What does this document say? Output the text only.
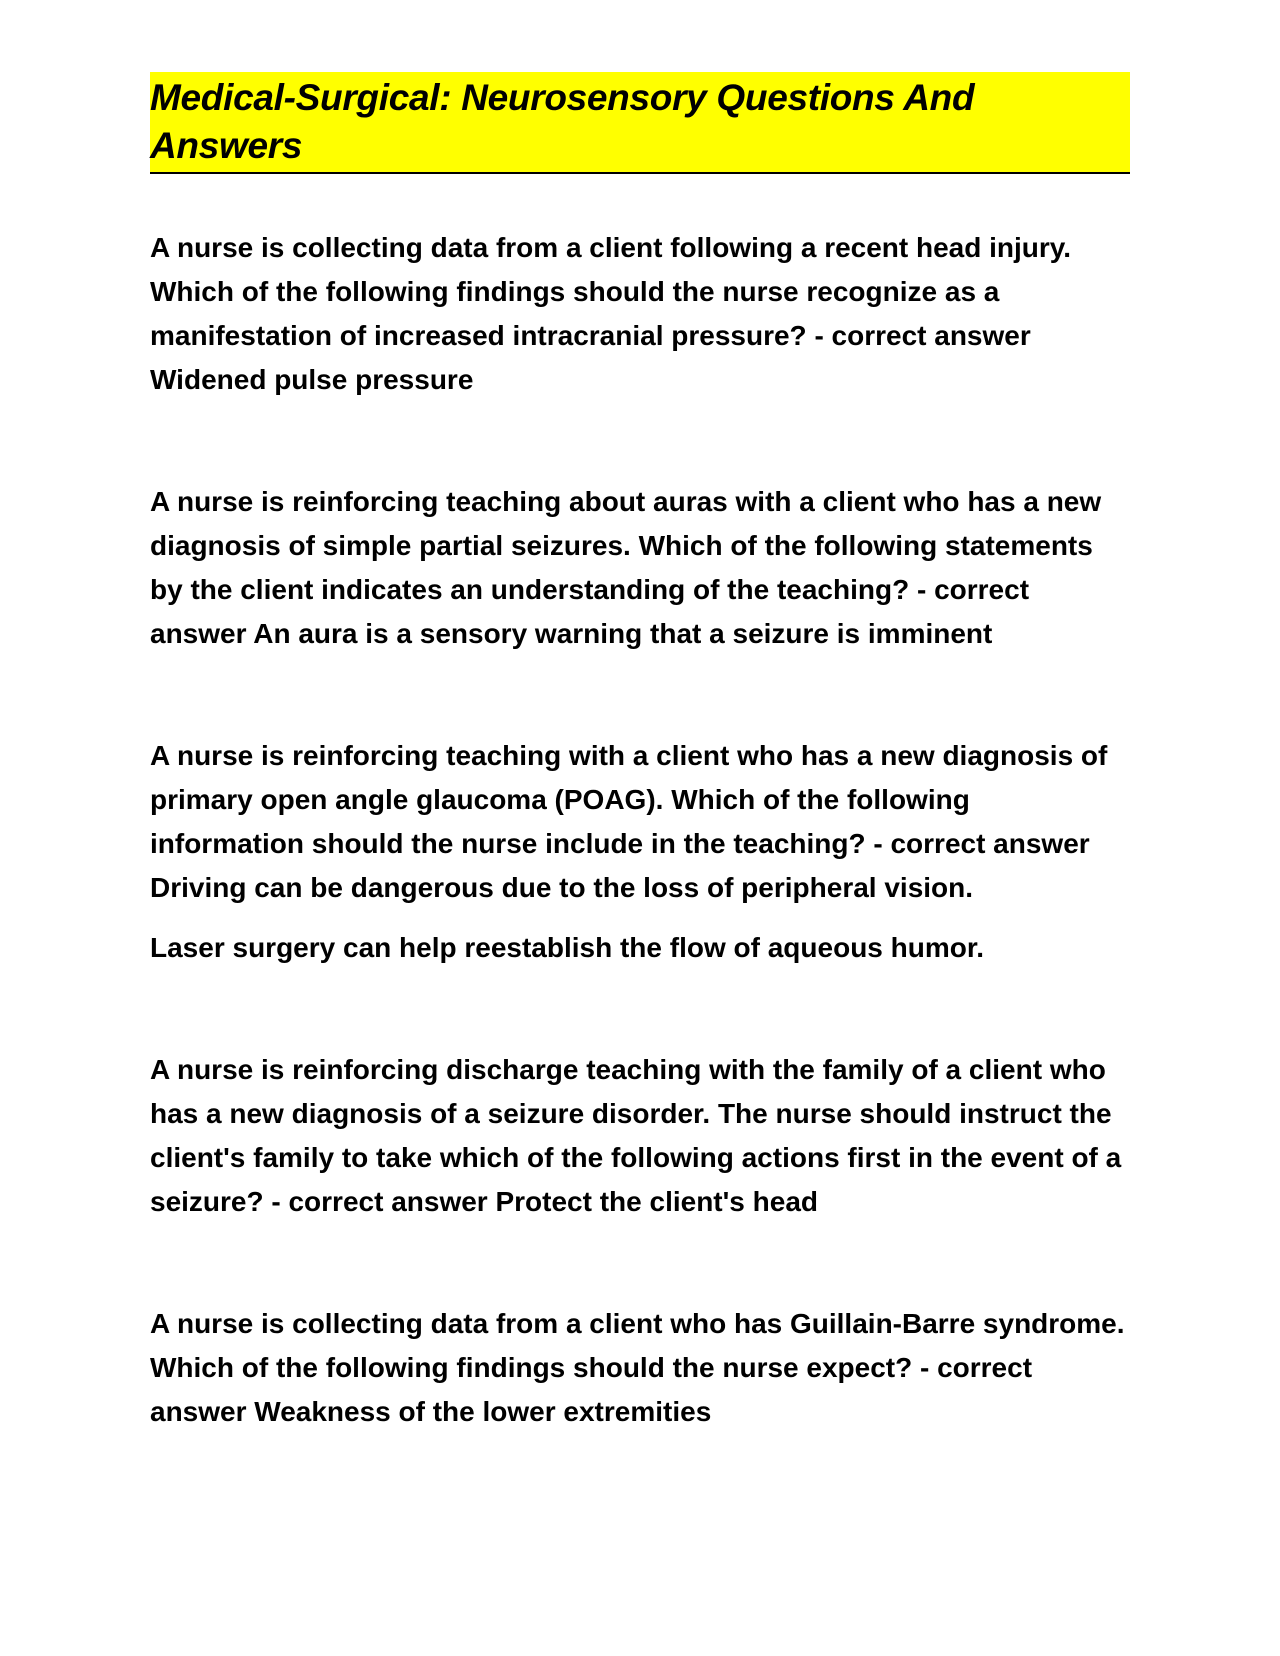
Medical-Surgical: Neurosensory Questions And Answers

A nurse is collecting data from a client following a recent head injury. Which of the following findings should the nurse recognize as a manifestation of increased intracranial pressure? - correct answer Widened pulse pressure

A nurse is reinforcing teaching about auras with a client who has a new diagnosis of simple partial seizures. Which of the following statements by the client indicates an understanding of the teaching? - correct answer An aura is a sensory warning that a seizure is imminent

A nurse is reinforcing teaching with a client who has a new diagnosis of primary open angle glaucoma (POAG). Which of the following information should the nurse include in the teaching? - correct answer Driving can be dangerous due to the loss of peripheral vision.

Laser surgery can help reestablish the flow of aqueous humor.

A nurse is reinforcing discharge teaching with the family of a client who has a new diagnosis of a seizure disorder. The nurse should instruct the client's family to take which of the following actions first in the event of a seizure? - correct answer Protect the client's head

A nurse is collecting data from a client who has Guillain-Barre syndrome. Which of the following findings should the nurse expect? - correct answer Weakness of the lower extremities
